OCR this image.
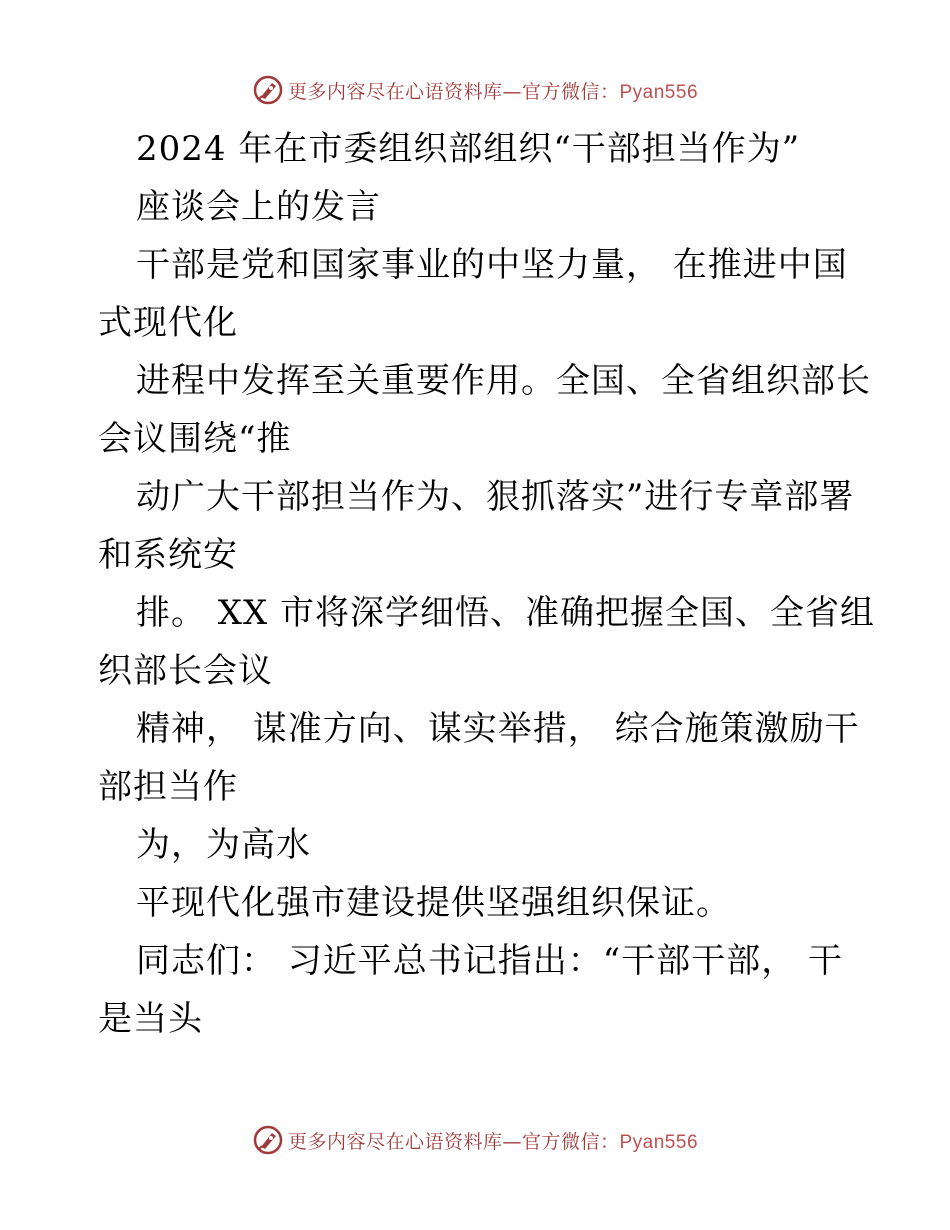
更多内容尽在心语资料库—官方微信：Pyan556
2024 年在市委组织部组织“干部担当作为”
座谈会上的发言
干部是党和国家事业的中坚力量， 在推进中国
式现代化
进程中发挥至关重要作用。全国、全省组织部长
会议围绕“推
动广大干部担当作为、狠抓落实”进行专章部署
和系统安
排。 XX 市将深学细悟、准确把握全国、全省组
织部长会议
精神， 谋准方向、谋实举措， 综合施策激励干
部担当作
为，为高水
平现代化强市建设提供坚强组织保证。
同志们： 习近平总书记指出：“干部干部， 干
是当头
更多内容尽在心语资料库—官方微信：Pyan556
